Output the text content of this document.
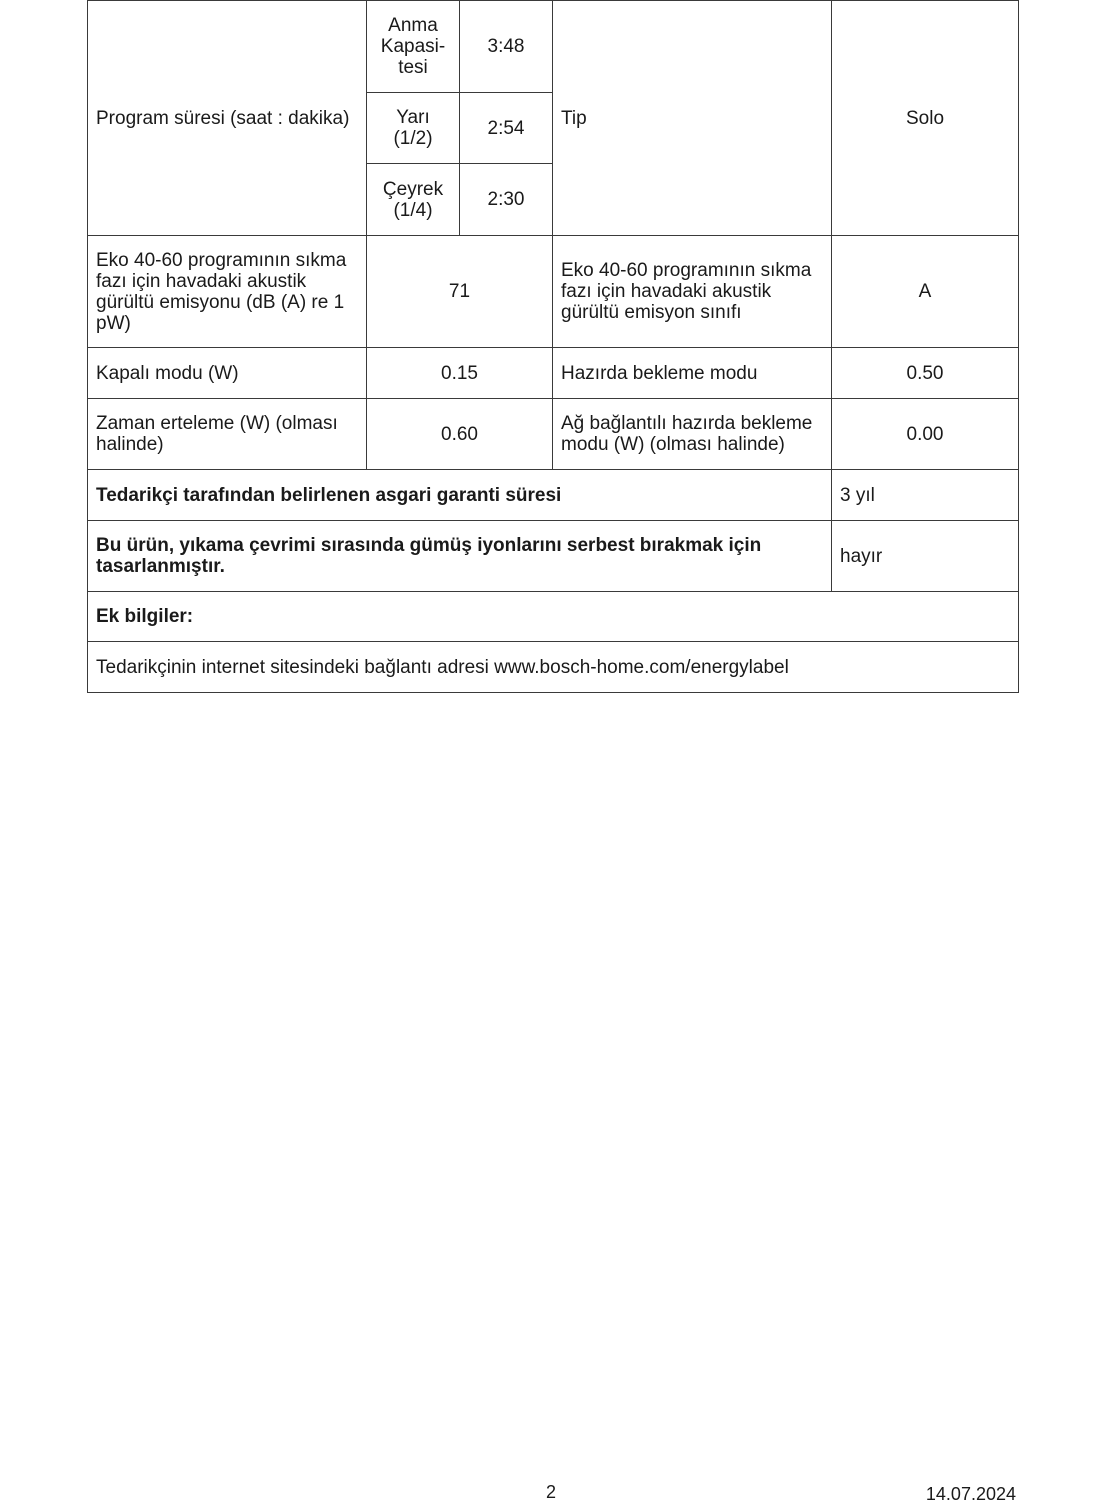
Program süresi (saat : dakika)	Anma Kapasi- tesi	3:48	Tip	Solo
	Yarı (1/2)	2:54		
	Çeyrek (1/4)	2:30		
Eko 40-60 programının sıkma fazı için havadaki akustik gürültü emisyonu (dB (A) re 1 pW)	71		Eko 40-60 programının sıkma fazı için havadaki akustik gürültü emisyon sınıfı	A
Kapalı modu (W)	0.15		Hazırda bekleme modu	0.50
Zaman erteleme (W) (olması halinde)	0.60		Ağ bağlantılı hazırda bekleme modu (W) (olması halinde)	0.00
Tedarikçi tarafından belirlenen asgari garanti süresi				3 yıl
Bu ürün, yıkama çevrimi sırasında gümüş iyonlarını serbest bırakmak için tasarlanmıştır.				hayır
Ek bilgiler:				
Tedarikçinin internet sitesindeki bağlantı adresi www.bosch-home.com/energylabel				
2	14.07.2024
